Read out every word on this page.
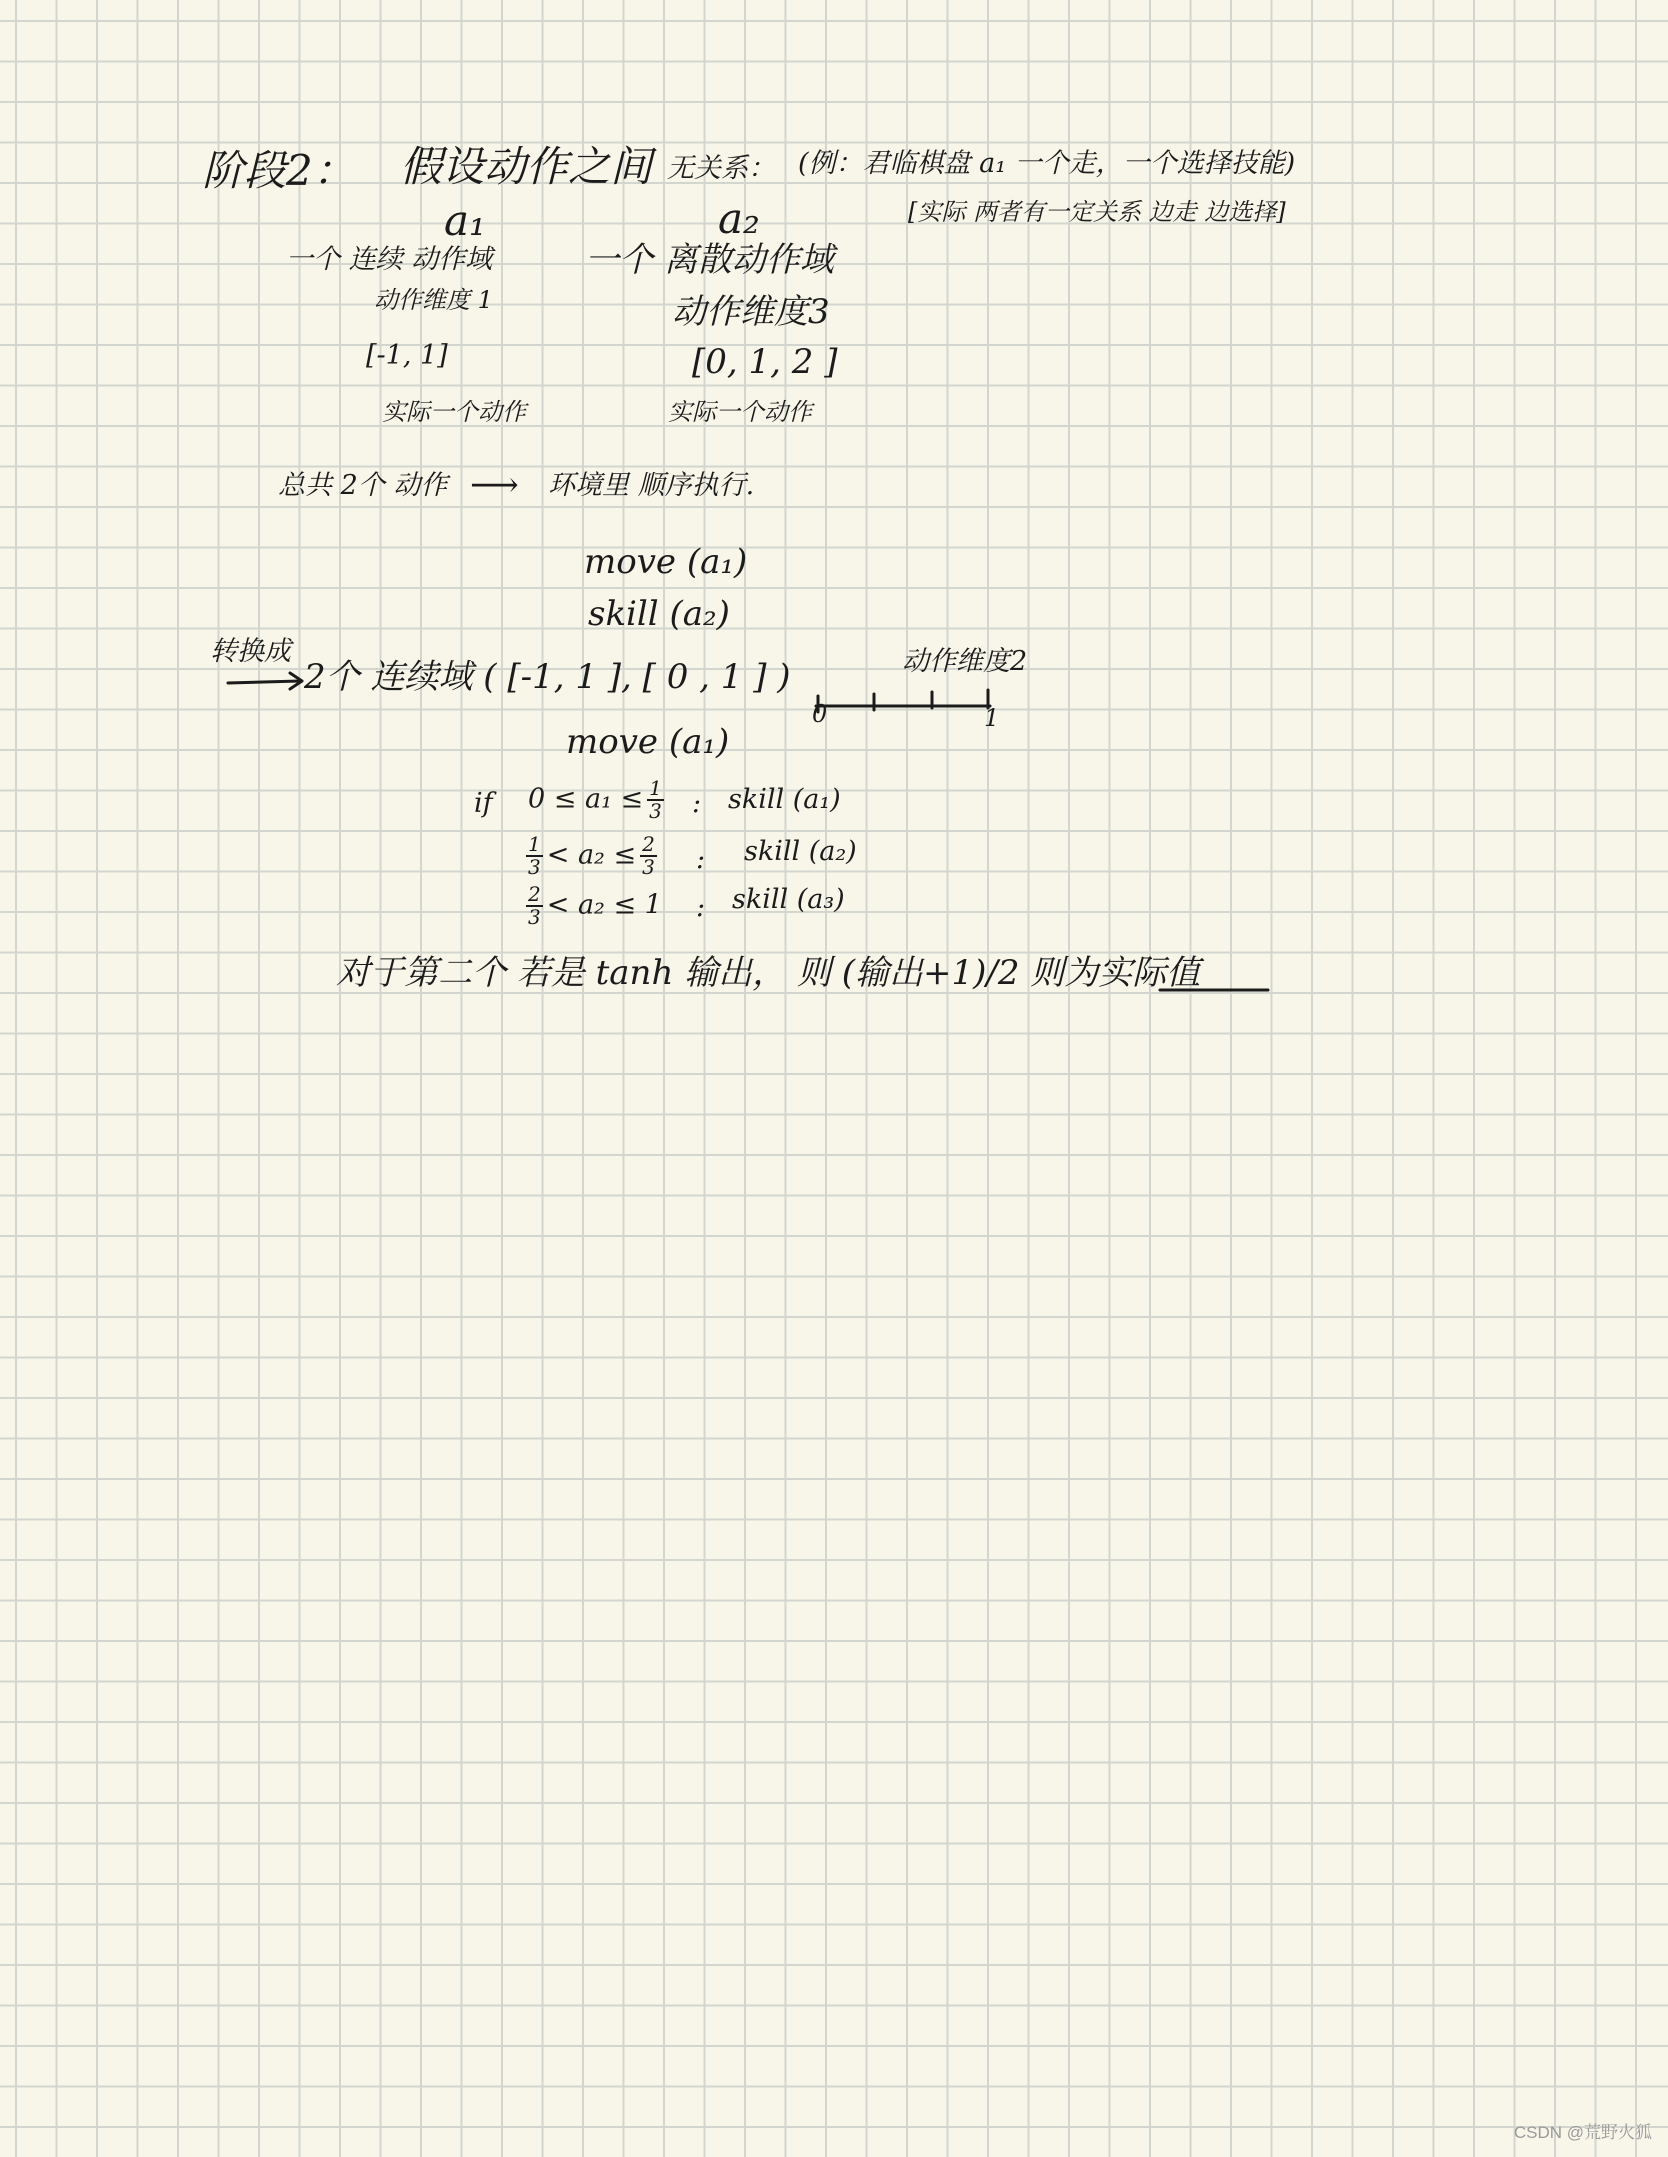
阶段2： 假设动作之间 无关系： (例：君临棋盘 a₁ 一个走，一个选择技能)
[实际 两者有一定关系 边走 边选择]
a₁
一个 连续 动作域
动作维度 1
[-1, 1]
实际一个动作
a₂
一个 离散动作域
动作维度3
[0, 1, 2 ]
实际一个动作
总共 2个 动作 ⟶ 环境里 顺序执行.
move (a₁)
skill (a₂)
转换成
2个 连续域 ( [-1, 1 ], [ 0 , 1 ] )	动作维度2
0	1
move (a₁)
if $0 \le a_1 \le \frac{1}{3}$ : skill (a₁)
$\frac{1}{3} < a_2 \le \frac{2}{3}$ : skill (a₂)
$\frac{2}{3} < a_2 \le 1$ : skill (a₃)
对于第二个 若是 tanh 输出， 则 (输出+1)/2 则为实际值
CSDN @荒野火狐
